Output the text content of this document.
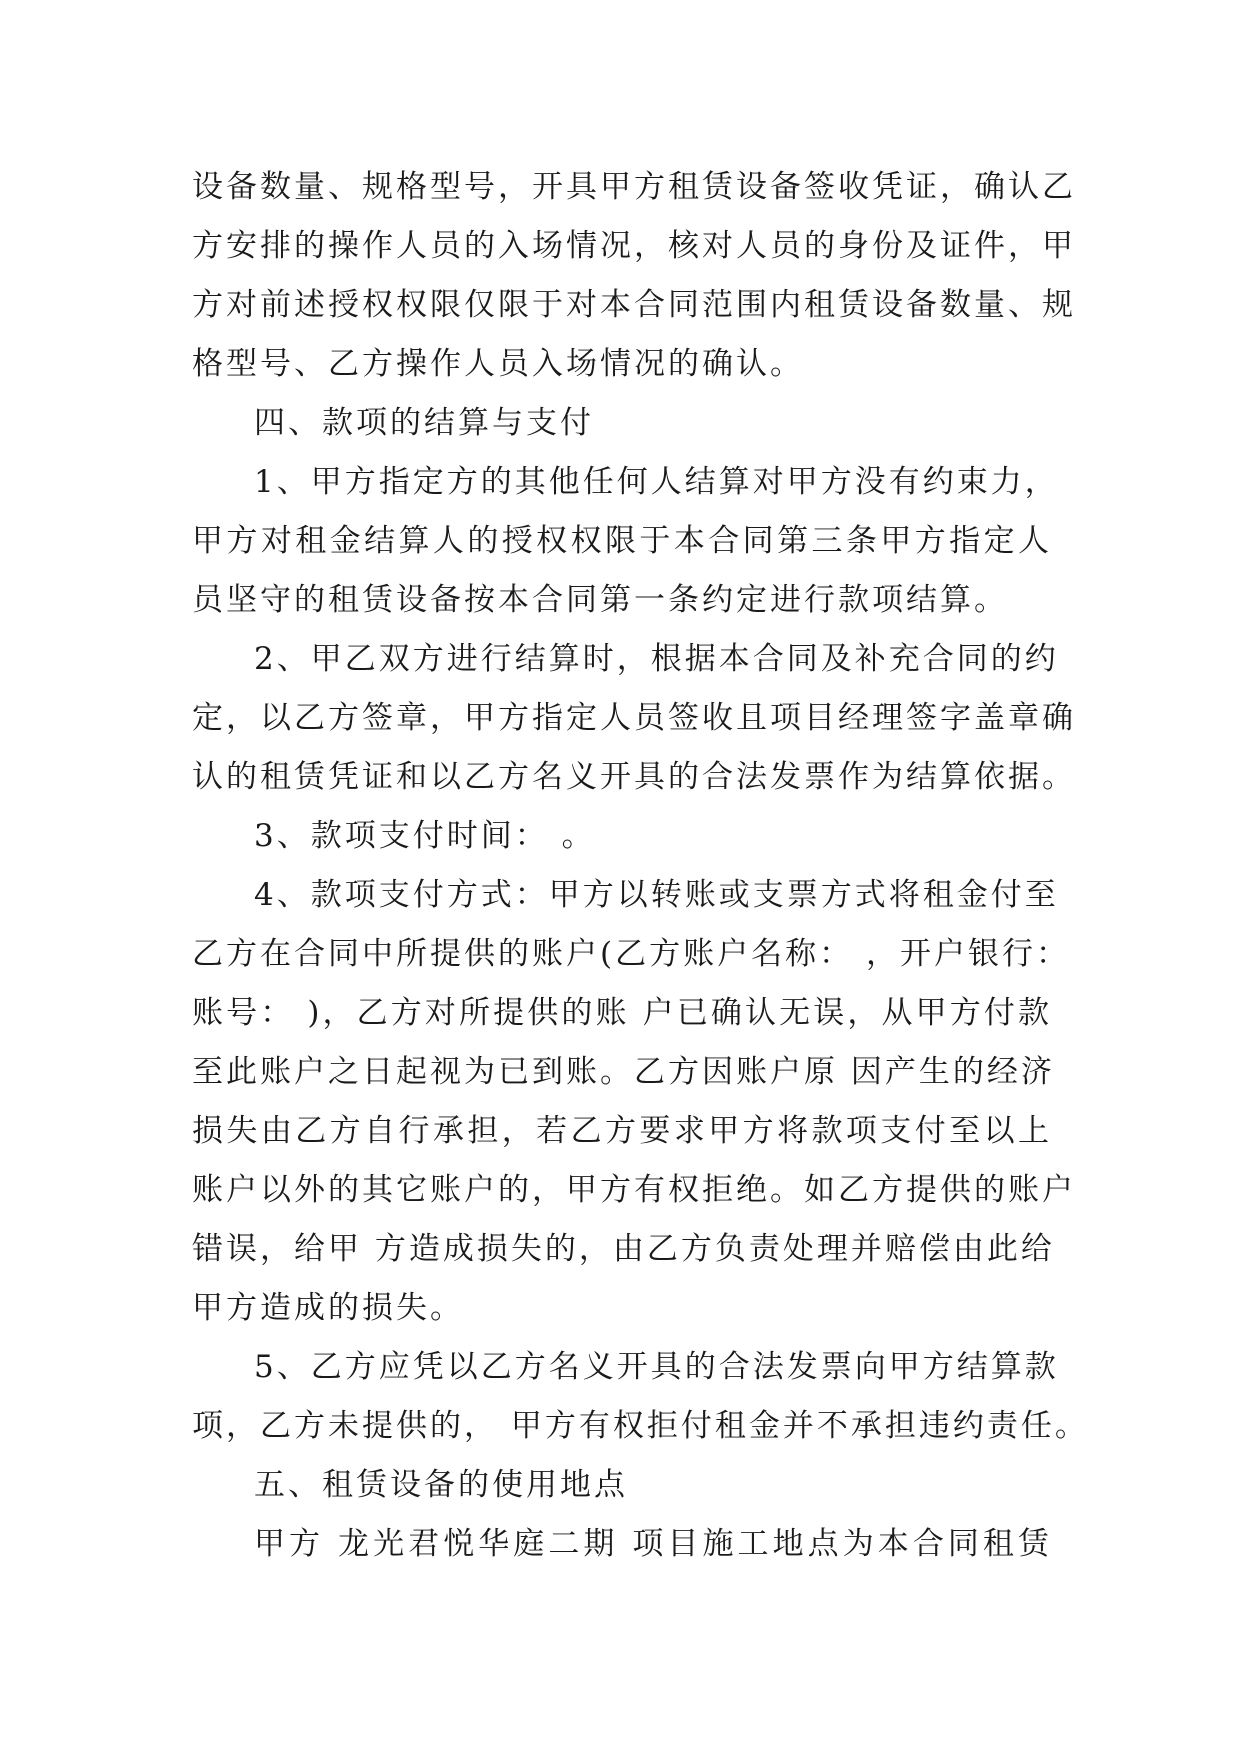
设备数量、规格型号，开具甲方租赁设备签收凭证，确认乙
方安排的操作人员的入场情况，核对人员的身份及证件，甲
方对前述授权权限仅限于对本合同范围内租赁设备数量、规
格型号、乙方操作人员入场情况的确认。
四、款项的结算与支付
1、甲方指定方的其他任何人结算对甲方没有约束力，
甲方对租金结算人的授权权限于本合同第三条甲方指定人
员坚守的租赁设备按本合同第一条约定进行款项结算。
2、甲乙双方进行结算时，根据本合同及补充合同的约
定，以乙方签章，甲方指定人员签收且项目经理签字盖章确
认的租赁凭证和以乙方名义开具的合法发票作为结算依据。
3、款项支付时间： 。
4、款项支付方式：甲方以转账或支票方式将租金付至
乙方在合同中所提供的账户(乙方账户名称： ，开户银行：
账号： )，乙方对所提供的账 户已确认无误，从甲方付款
至此账户之日起视为已到账。乙方因账户原 因产生的经济
损失由乙方自行承担，若乙方要求甲方将款项支付至以上
账户以外的其它账户的，甲方有权拒绝。如乙方提供的账户
错误，给甲 方造成损失的，由乙方负责处理并赔偿由此给
甲方造成的损失。
5、乙方应凭以乙方名义开具的合法发票向甲方结算款
项，乙方未提供的， 甲方有权拒付租金并不承担违约责任。
五、租赁设备的使用地点
甲方 龙光君悦华庭二期 项目施工地点为本合同租赁
